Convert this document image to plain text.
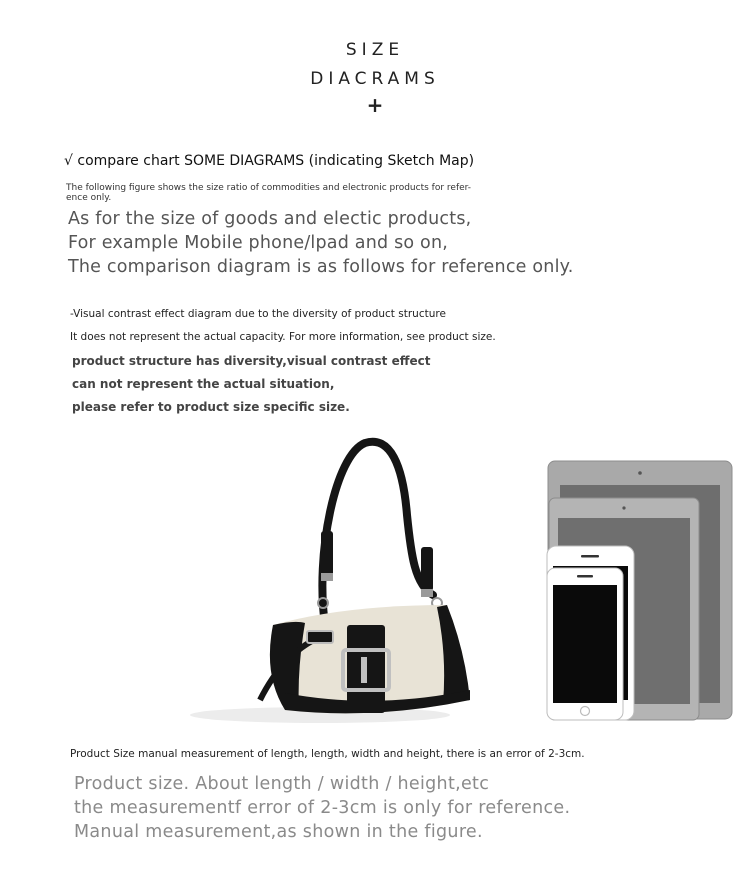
SIZE
DIACRAMS
+
√ compare chart SOME DIAGRAMS (indicating Sketch Map)
The following figure shows the size ratio of commodities and electronic products for refer-ence only.
As for the size of goods and electic products,
For example Mobile phone/lpad and so on,
The comparison diagram is as follows for reference only.
-Visual contrast effect diagram due to the diversity of product structure
It does not represent the actual capacity. For more information, see product size.
product structure has diversity,visual contrast effect
can not represent the actual situation,
please refer to product size specific size.
Product Size manual measurement of length, length, width and height, there is an error of 2-3cm.
Product size. About length / width / height,etc
the measurementf error of 2-3cm is only for reference.
Manual measurement,as shown in the figure.
